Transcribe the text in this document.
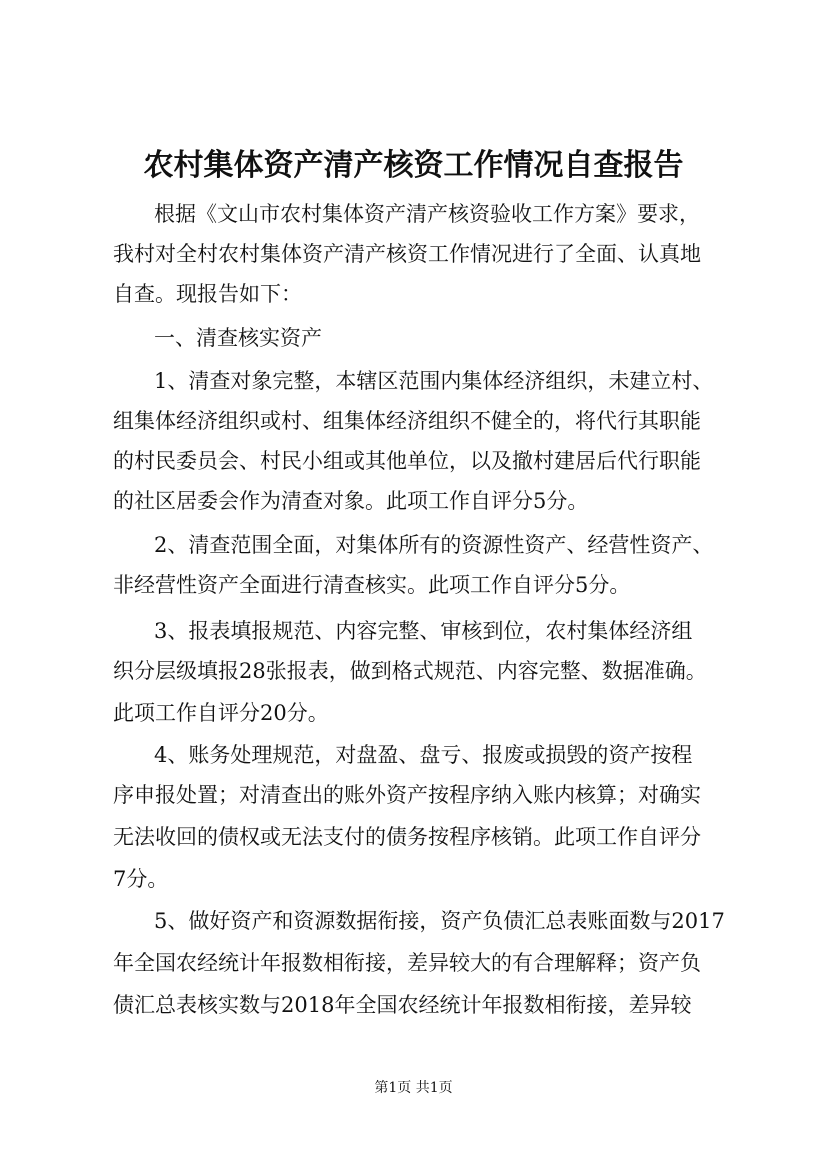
农村集体资产清产核资工作情况自查报告
根据《文山市农村集体资产清产核资验收工作方案》要求，
我村对全村农村集体资产清产核资工作情况进行了全面、认真地
自查。现报告如下：
一、清查核实资产
1、清查对象完整，本辖区范围内集体经济组织，未建立村、
组集体经济组织或村、组集体经济组织不健全的，将代行其职能
的村民委员会、村民小组或其他单位，以及撤村建居后代行职能
的社区居委会作为清查对象。此项工作自评分5分。
2、清查范围全面，对集体所有的资源性资产、经营性资产、
非经营性资产全面进行清查核实。此项工作自评分5分。
3、报表填报规范、内容完整、审核到位，农村集体经济组
织分层级填报28张报表，做到格式规范、内容完整、数据准确。
此项工作自评分20分。
4、账务处理规范，对盘盈、盘亏、报废或损毁的资产按程
序申报处置；对清查出的账外资产按程序纳入账内核算；对确实
无法收回的债权或无法支付的债务按程序核销。此项工作自评分
7分。
5、做好资产和资源数据衔接，资产负债汇总表账面数与2017
年全国农经统计年报数相衔接，差异较大的有合理解释；资产负
债汇总表核实数与2018年全国农经统计年报数相衔接，差异较
第1页 共1页
